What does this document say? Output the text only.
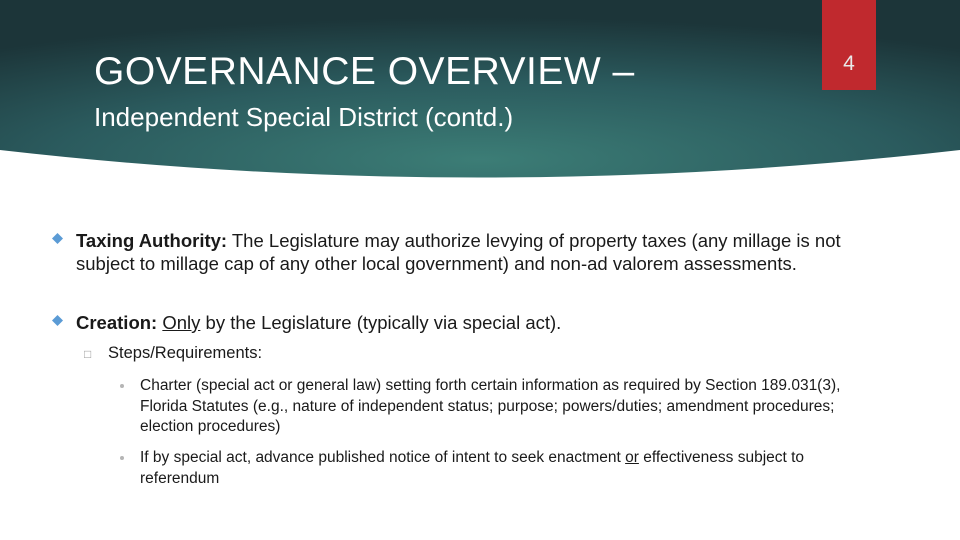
GOVERNANCE OVERVIEW –
Independent Special District (contd.)
4
Taxing Authority: The Legislature may authorize levying of property taxes (any millage is not subject to millage cap of any other local government) and non-ad valorem assessments.
Creation: Only by the Legislature (typically via special act).
□ Steps/Requirements:
Charter (special act or general law) setting forth certain information as required by Section 189.031(3), Florida Statutes (e.g., nature of independent status; purpose; powers/duties; amendment procedures; election procedures)
If by special act, advance published notice of intent to seek enactment or effectiveness subject to referendum
